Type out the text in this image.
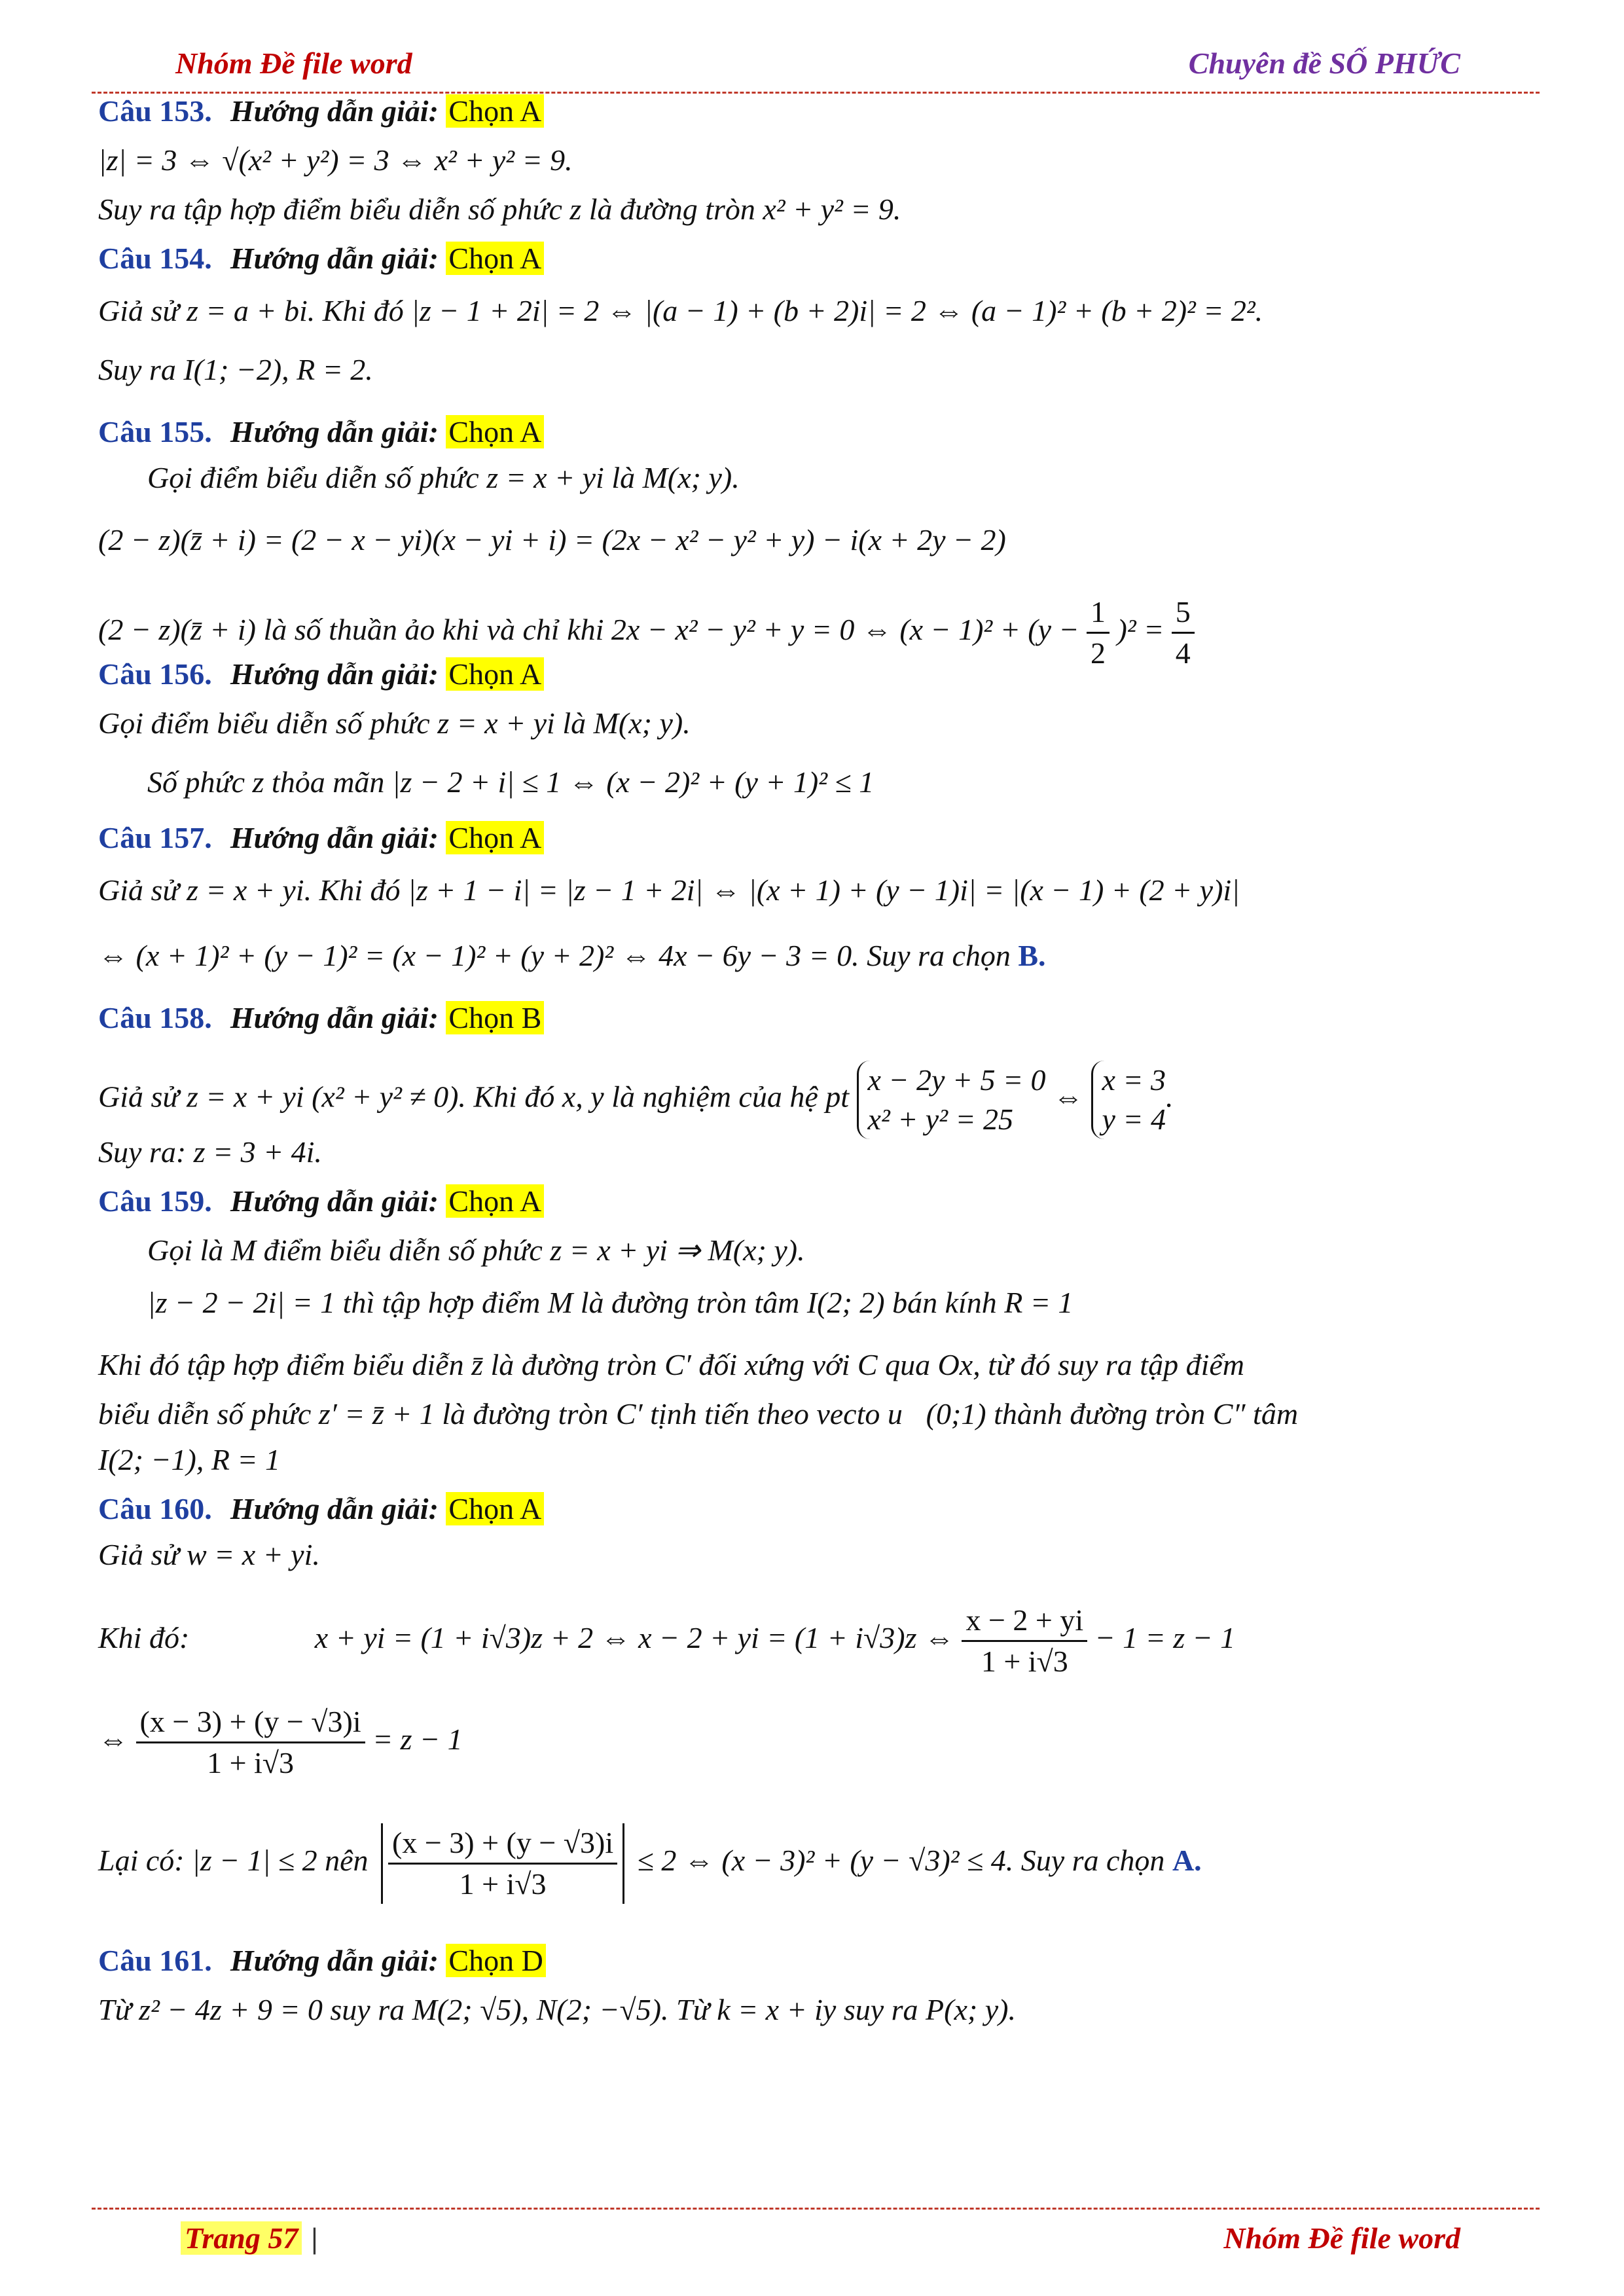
Nhóm Đề file word	Chuyên đề SỐ PHỨC
Câu 153. Hướng dẫn giải: Chọn A
|z| = 3 ⇔ √(x² + y²) = 3 ⇔ x² + y² = 9.
Suy ra tập hợp điểm biểu diễn số phức z là đường tròn x² + y² = 9.
Câu 154. Hướng dẫn giải: Chọn A
Giả sử z = a + bi. Khi đó |z − 1 + 2i| = 2 ⇔ |(a − 1) + (b + 2)i| = 2 ⇔ (a − 1)² + (b + 2)² = 2².
Suy ra I(1; −2), R = 2.
Câu 155. Hướng dẫn giải: Chọn A
Gọi điểm biểu diễn số phức z = x + yi là M(x; y).
(2 − z)(z̄ + i) = (2 − x − yi)(x − yi + i) = (2x − x² − y² + y) − i(x + 2y − 2)
(2 − z)(z̄ + i) là số thuần ảo khi và chỉ khi 2x − x² − y² + y = 0 ⇔ $(x - 1)^2 + (y - \frac{1}{2} )^2 = \frac{5}{4}$
Câu 156. Hướng dẫn giải: Chọn A
Gọi điểm biểu diễn số phức z = x + yi là M(x; y).
Số phức z thỏa mãn |z − 2 + i| ≤ 1 ⇔ (x − 2)² + (y + 1)² ≤ 1
Câu 157. Hướng dẫn giải: Chọn A
Giả sử z = x + yi. Khi đó |z + 1 − i| = |z − 1 + 2i| ⇔ |(x + 1) + (y − 1)i| = |(x − 1) + (2 + y)i|
⇔ (x + 1)² + (y − 1)² = (x − 1)² + (y + 2)² ⇔ 4x − 6y − 3 = 0. Suy ra chọn B.
Câu 158. Hướng dẫn giải: Chọn B
Giả sử z = x + yi (x² + y² ≠ 0). Khi đó x, y là nghiệm của hệ pt
x − 2y + 5 = 0
x² + y² = 25
⇔
x = 3
y = 4
.
Suy ra: z = 3 + 4i.
Câu 159. Hướng dẫn giải: Chọn A
Gọi là M điểm biểu diễn số phức z = x + yi ⇒ M(x; y).
|z − 2 − 2i| = 1 thì tập hợp điểm M là đường tròn tâm I(2; 2) bán kính R = 1
Khi đó tập hợp điểm biểu diễn z̄ là đường tròn C′ đối xứng với C qua Ox, từ đó suy ra tập điểm
biểu diễn số phức z′ = z̄ + 1 là đường tròn C′ tịnh tiến theo vecto u⃗(0;1) thành đường tròn C″ tâm
I(2; −1), R = 1
Câu 160. Hướng dẫn giải: Chọn A
Giả sử w = x + yi.
Khi đó:	x + yi = (1 + i√3)z + 2 ⇔ x − 2 + yi = (1 + i√3)z ⇔ $\frac{x - 2 + yi}{1 + i√3} - 1 = z - 1$
⇔ $\frac{(x - 3) + (y - √3)i}{1 + i√3} = z - 1$
Lại có: |z − 1| ≤ 2 nên $\frac{(x - 3) + (y - √3)i}{1 + i√3} \le 2$ ⇔ (x − 3)² + (y − √3)² ≤ 4. Suy ra chọn A.
Câu 161. Hướng dẫn giải: Chọn D
Từ z² − 4z + 9 = 0 suy ra M(2; √5), N(2; −√5). Từ k = x + iy suy ra P(x; y).
Trang 57 |	Nhóm Đề file word
